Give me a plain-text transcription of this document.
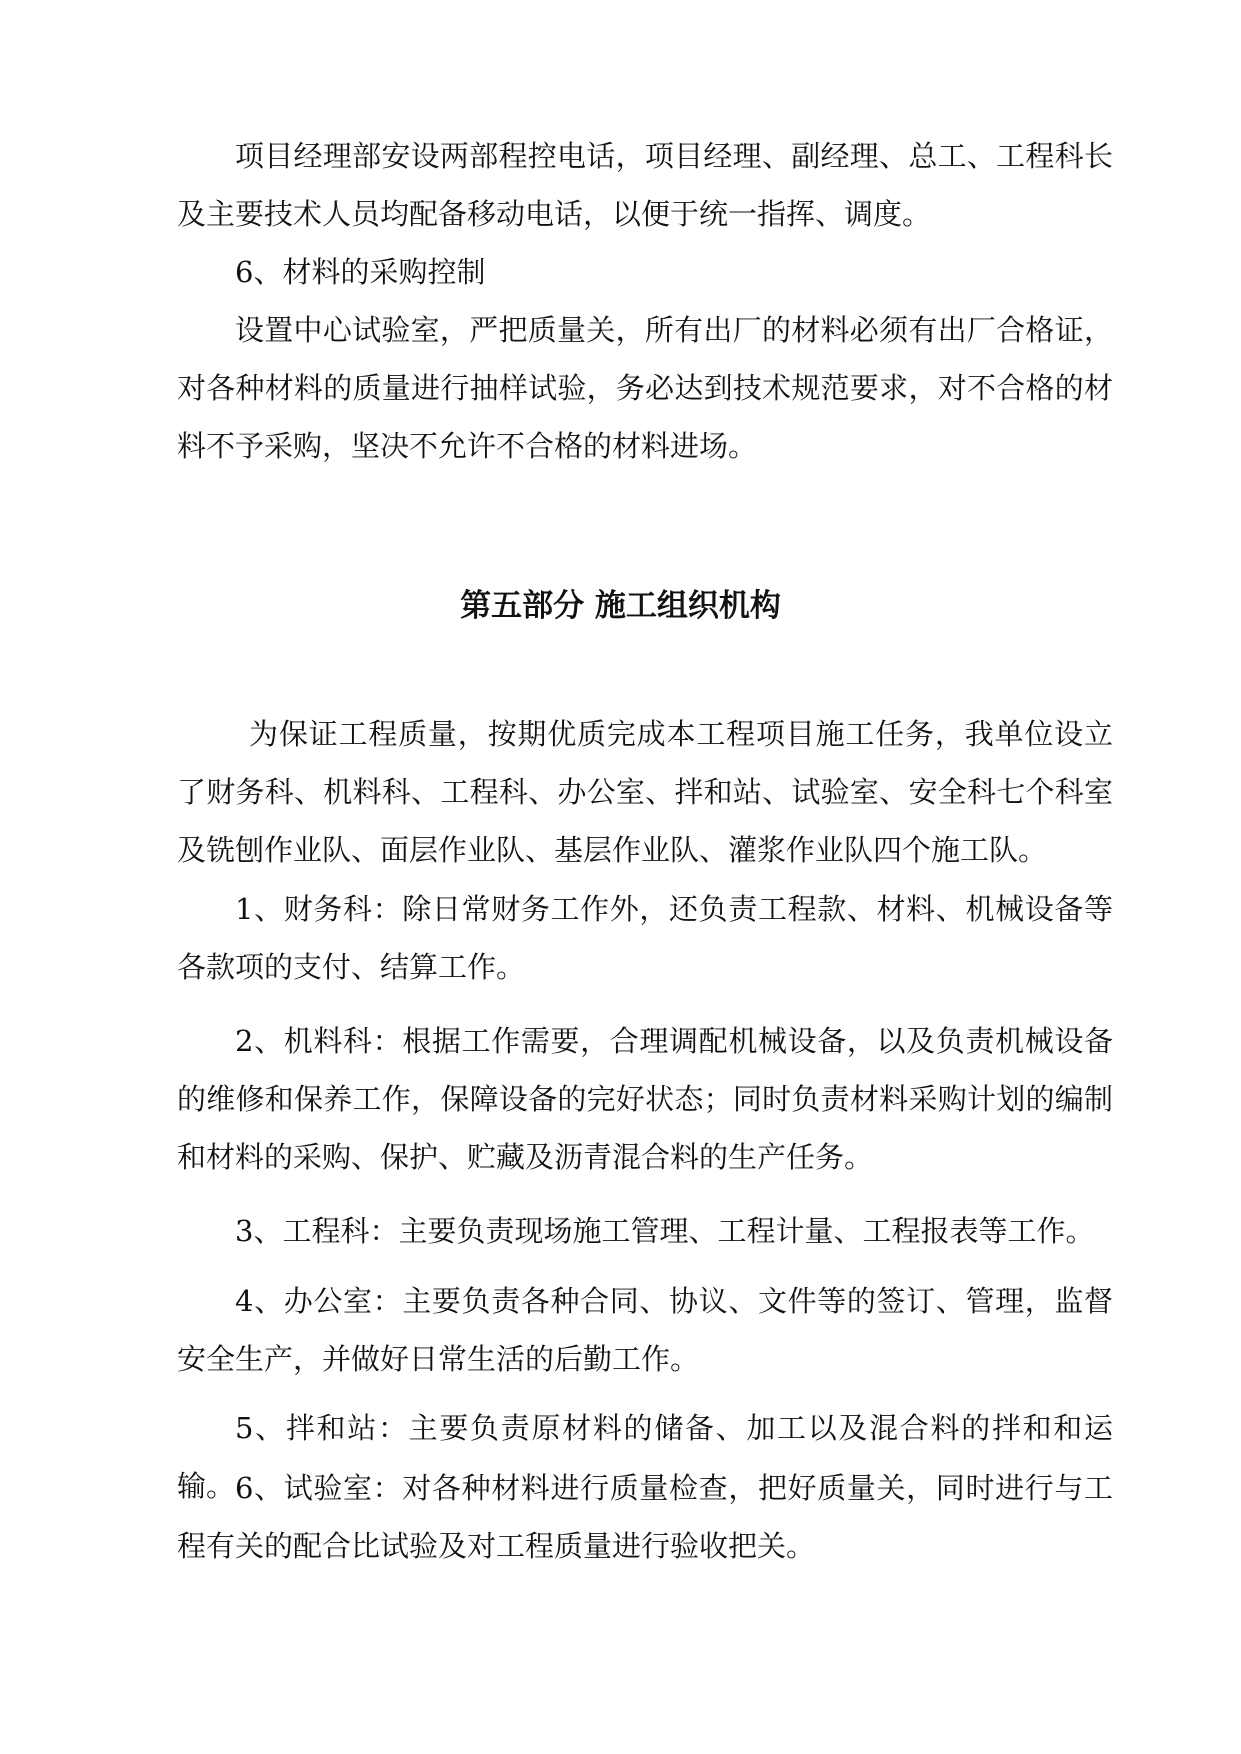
项目经理部安设两部程控电话，项目经理、副经理、总工、工程科长及主要技术人员均配备移动电话，以便于统一指挥、调度。

6、材料的采购控制

设置中心试验室，严把质量关，所有出厂的材料必须有出厂合格证，对各种材料的质量进行抽样试验，务必达到技术规范要求，对不合格的材料不予采购，坚决不允许不合格的材料进场。

第五部分 施工组织机构

为保证工程质量，按期优质完成本工程项目施工任务，我单位设立了财务科、机料科、工程科、办公室、拌和站、试验室、安全科七个科室及铣刨作业队、面层作业队、基层作业队、灌浆作业队四个施工队。

1、财务科：除日常财务工作外，还负责工程款、材料、机械设备等各款项的支付、结算工作。

2、机料科：根据工作需要，合理调配机械设备，以及负责机械设备的维修和保养工作，保障设备的完好状态；同时负责材料采购计划的编制和材料的采购、保护、贮藏及沥青混合料的生产任务。

3、工程科：主要负责现场施工管理、工程计量、工程报表等工作。

4、办公室：主要负责各种合同、协议、文件等的签订、管理，监督安全生产，并做好日常生活的后勤工作。

5、拌和站：主要负责原材料的储备、加工以及混合料的拌和和运输。 6、试验室：对各种材料进行质量检查，把好质量关，同时进行与工程有关的配合比试验及对工程质量进行验收把关。
